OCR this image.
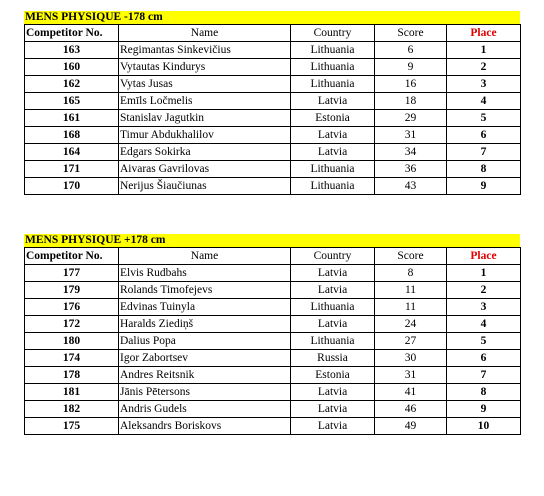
MENS PHYSIQUE -178 cm
Competitor No.	Name	Country	Score	Place
163	Regimantas Sinkevičius	Lithuania	6	1
160	Vytautas Kindurys	Lithuania	9	2
162	Vytas Jusas	Lithuania	16	3
165	Emīls Ločmelis	Latvia	18	4
161	Stanislav Jagutkin	Estonia	29	5
168	Timur Abdukhalilov	Latvia	31	6
164	Edgars Sokirka	Latvia	34	7
171	Aivaras Gavrilovas	Lithuania	36	8
170	Nerijus Šiaučiunas	Lithuania	43	9
MENS PHYSIQUE +178 cm
Competitor No.	Name	Country	Score	Place
177	Elvis Rudbahs	Latvia	8	1
179	Rolands Timofejevs	Latvia	11	2
176	Edvinas Tuinyla	Lithuania	11	3
172	Haralds Ziediņš	Latvia	24	4
180	Dalius Popa	Lithuania	27	5
174	Igor Zabortsev	Russia	30	6
178	Andres Reitsnik	Estonia	31	7
181	Jānis Pētersons	Latvia	41	8
182	Andris Gudels	Latvia	46	9
175	Aleksandrs Boriskovs	Latvia	49	10
